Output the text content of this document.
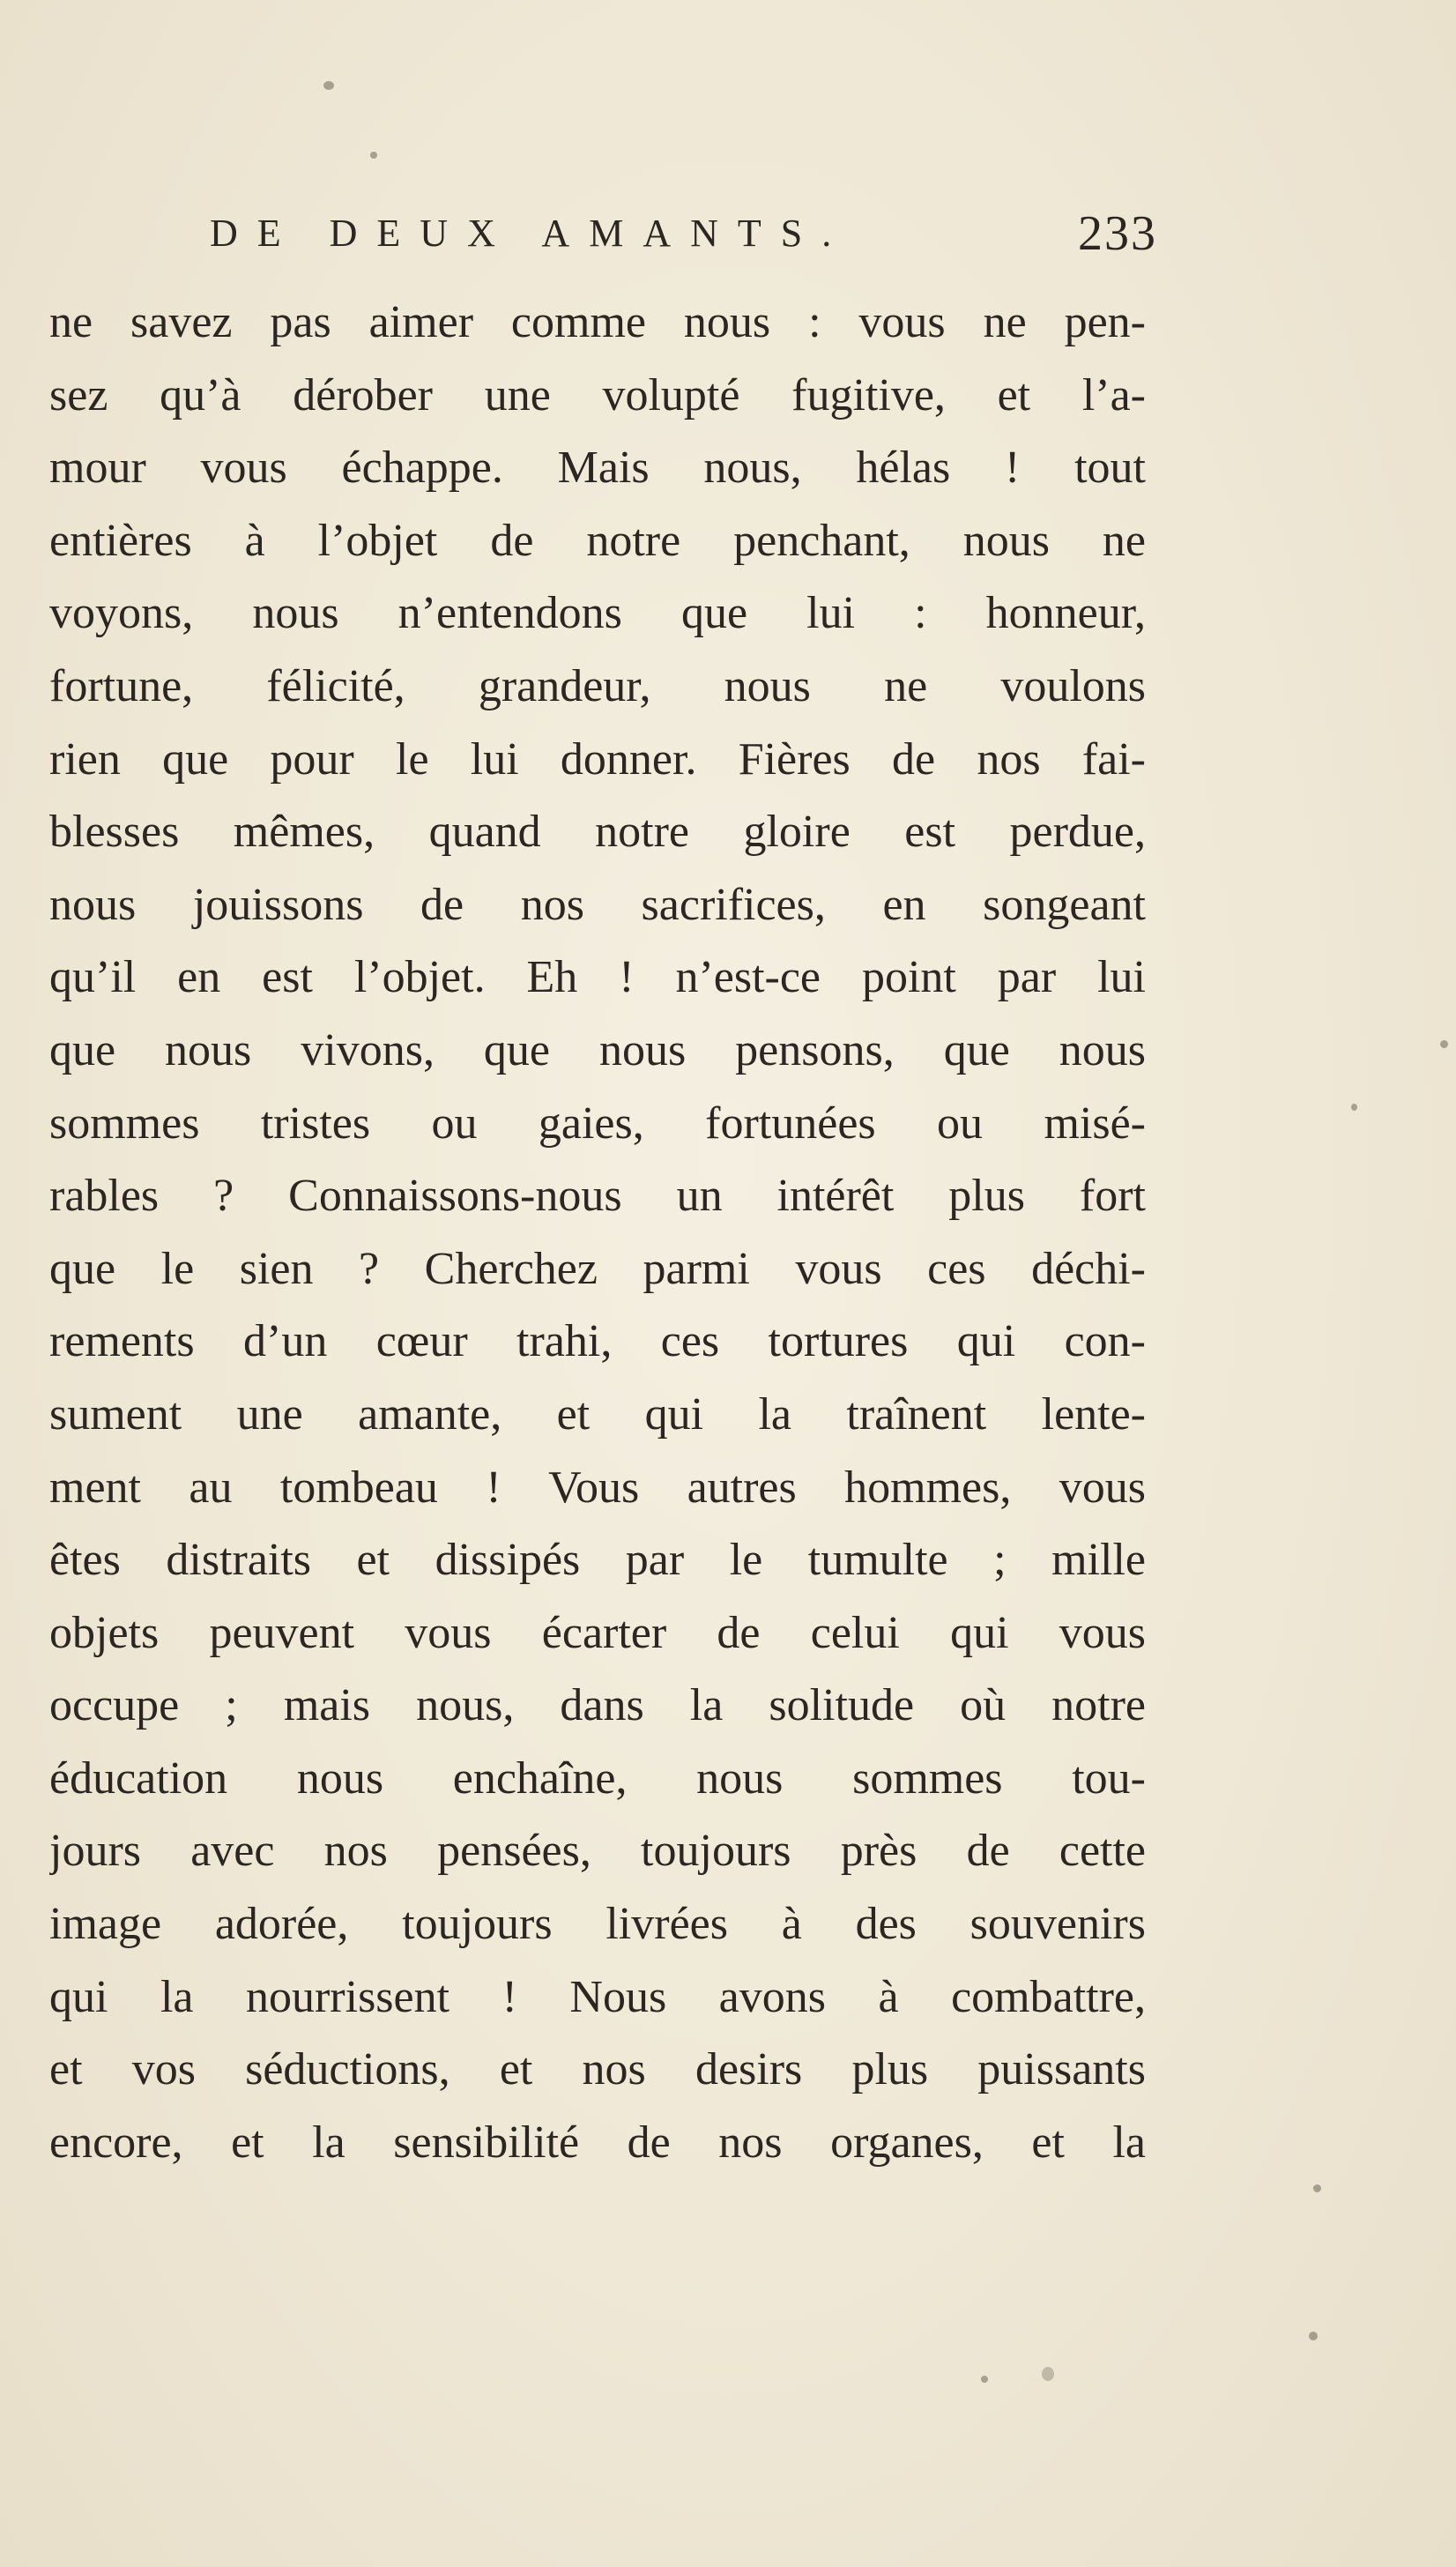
DE DEUX AMANTS.	233
ne savez pas aimer comme nous : vous ne pen-
sez qu’à dérober une volupté fugitive, et l’a-
mour vous échappe. Mais nous, hélas ! tout
entières à l’objet de notre penchant, nous ne
voyons, nous n’entendons que lui : honneur,
fortune, félicité, grandeur, nous ne voulons
rien que pour le lui donner. Fières de nos fai-
blesses mêmes, quand notre gloire est perdue,
nous jouissons de nos sacrifices, en songeant
qu’il en est l’objet. Eh ! n’est-ce point par lui
que nous vivons, que nous pensons, que nous
sommes tristes ou gaies, fortunées ou misé-
rables ? Connaissons-nous un intérêt plus fort
que le sien ? Cherchez parmi vous ces déchi-
rements d’un cœur trahi, ces tortures qui con-
sument une amante, et qui la traînent lente-
ment au tombeau ! Vous autres hommes, vous
êtes distraits et dissipés par le tumulte ; mille
objets peuvent vous écarter de celui qui vous
occupe ; mais nous, dans la solitude où notre
éducation nous enchaîne, nous sommes tou-
jours avec nos pensées, toujours près de cette
image adorée, toujours livrées à des souvenirs
qui la nourrissent ! Nous avons à combattre,
et vos séductions, et nos desirs plus puissants
encore, et la sensibilité de nos organes, et la
